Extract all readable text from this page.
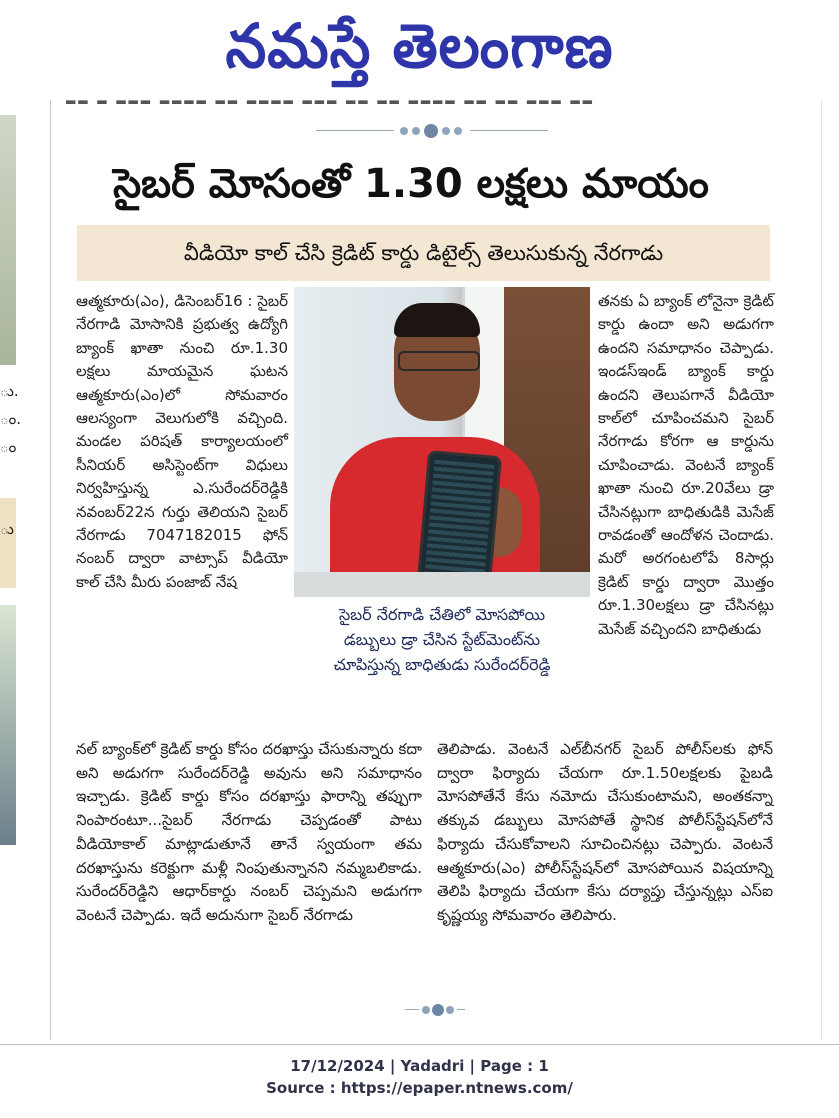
నమస్తే తెలంగాణ
ు.
ం.
ం
ు
▂▂ ▂ ▂▂▂ ▂▂▂▂ ▂▂ ▂▂▂▂ ▂▂▂ ▂▂ ▂▂ ▂▂▂▂ ▂▂ ▂▂ ▂▂▂ ▂▂
సైబర్ మోసంతో 1.30 లక్షలు మాయం
వీడియో కాల్ చేసి క్రెడిట్ కార్డు డిటైల్స్ తెలుసుకున్న నేరగాడు
ఆత్మకూరు(ఎం), డిసెంబర్16 : సైబర్ నేరగాడి మోసానికి ప్రభుత్వ ఉద్యోగి బ్యాంక్ ఖాతా నుంచి రూ.1.30 లక్షలు మాయమైన ఘటన ఆత్మకూరు(ఎం)లో సోమవారం ఆలస్యంగా వెలుగులోకి వచ్చింది. మండల పరిషత్ కార్యాలయంలో సీనియర్ అసిస్టెంట్‌గా విధులు నిర్వహిస్తున్న ఎ.సురేందర్‌రెడ్డికి నవంబర్22న గుర్తు తెలియని సైబర్ నేరగాడు 7047182015 ఫోన్ నంబర్ ద్వారా వాట్సాప్ వీడియో కాల్ చేసి మీరు పంజాబ్ నేష
సైబర్ నేరగాడి చేతిలో మోసపోయి
డబ్బులు డ్రా చేసిన స్టేట్‌మెంట్‌ను
చూపిస్తున్న బాధితుడు సురేందర్‌రెడ్డి
తనకు ఏ బ్యాంక్ లోనైనా క్రెడిట్ కార్డు ఉందా అని అడుగగా ఉందని సమాధానం చెప్పాడు. ఇండస్‌ఇండ్ బ్యాంక్ కార్డు ఉందని తెలుపగానే వీడియో కాల్‌లో చూపించమని సైబర్ నేరగాడు కోరగా ఆ కార్డును చూపించాడు. వెంటనే బ్యాంక్ ఖాతా నుంచి రూ.20వేలు డ్రా చేసినట్లుగా బాధితుడికి మెసేజ్ రావడంతో ఆందోళన చెందాడు. మరో అరగంటలోపే 8సార్లు క్రెడిట్ కార్డు ద్వారా మొత్తం రూ.1.30లక్షలు డ్రా చేసినట్లు మెసేజ్ వచ్చిందని బాధితుడు
నల్ బ్యాంక్‌లో క్రెడిట్ కార్డు కోసం దరఖాస్తు చేసుకున్నారు కదా అని అడుగగా సురేందర్‌రెడ్డి అవును అని సమాధానం ఇచ్చాడు. క్రెడిట్ కార్డు కోసం దరఖాస్తు ఫారాన్ని తప్పుగా నింపారంటూ...సైబర్ నేరగాడు చెప్పడంతో పాటు వీడియోకాల్ మాట్లాడుతూనే తానే స్వయంగా తమ దరఖాస్తును కరెక్టుగా మళ్లీ నింపుతున్నానని నమ్మబలికాడు. సురేందర్‌రెడ్డిని ఆధార్‌కార్డు నంబర్ చెప్పమని అడుగగా వెంటనే చెప్పాడు. ఇదే అదునుగా సైబర్ నేరగాడు
తెలిపాడు. వెంటనే ఎల్‌బీనగర్ సైబర్ పోలీస్‌లకు ఫోన్ ద్వారా ఫిర్యాదు చేయగా రూ.1.50లక్షలకు పైబడి మోసపోతేనే కేసు నమోదు చేసుకుంటామని, అంతకన్నా తక్కువ డబ్బులు మోసపోతే స్థానిక పోలీస్‌స్టేషన్‌లోనే ఫిర్యాదు చేసుకోవాలని సూచించినట్లు చెప్పారు. వెంటనే ఆత్మకూరు(ఎం) పోలీస్‌స్టేషన్‌లో మోసపోయిన విషయాన్ని తెలిపి ఫిర్యాదు చేయగా కేసు దర్యాప్తు చేస్తున్నట్లు ఎస్‌ఐ కృష్ణయ్య సోమవారం తెలిపారు.
17/12/2024 | Yadadri | Page : 1
Source : https://epaper.ntnews.com/
